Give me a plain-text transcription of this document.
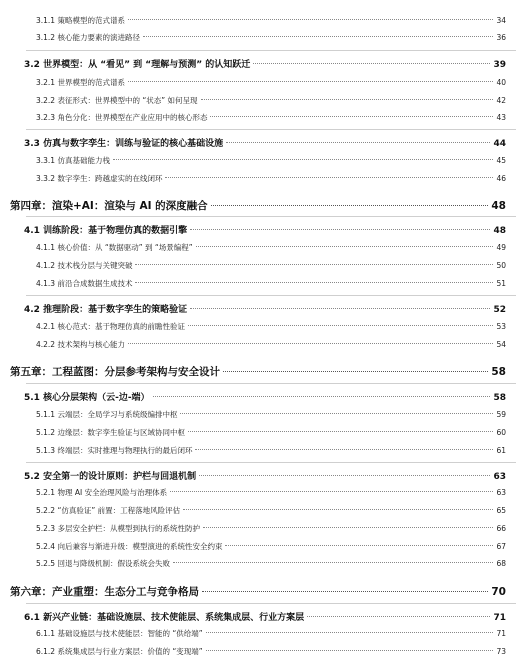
3.1.1 策略模型的范式谱系	34
3.1.2 核心能力要素的演进路径	36
3.2 世界模型：从 “看见” 到 “理解与预测” 的认知跃迁	39
3.2.1 世界模型的范式谱系	40
3.2.2 表征形式：世界模型中的 “状态” 如何呈现	42
3.2.3 角色分化：世界模型在产业应用中的核心形态	43
3.3 仿真与数字孪生：训练与验证的核心基础设施	44
3.3.1 仿真基础能力栈	45
3.3.2 数字孪生：跨越虚实的在线闭环	46
第四章：渲染+AI：渲染与 AI 的深度融合	48
4.1 训练阶段：基于物理仿真的数据引擎	48
4.1.1 核心价值：从 “数据驱动” 到 “场景编程”	49
4.1.2 技术栈分层与关键突破	50
4.1.3 前沿合成数据生成技术	51
4.2 推理阶段：基于数字孪生的策略验证	52
4.2.1 核心范式：基于物理仿真的前瞻性验证	53
4.2.2 技术架构与核心能力	54
第五章：工程蓝图：分层参考架构与安全设计	58
5.1 核心分层架构（云-边-端）	58
5.1.1 云端层：全局学习与系统级编排中枢	59
5.1.2 边缘层：数字孪生验证与区域协同中枢	60
5.1.3 终端层：实时推理与物理执行的最后闭环	61
5.2 安全第一的设计原则：护栏与回退机制	63
5.2.1 物理 AI 安全治理风险与治理体系	63
5.2.2 “仿真验证” 前置：工程落地风险评估	65
5.2.3 多层安全护栏：从模型到执行的系统性防护	66
5.2.4 向后兼容与渐进升级：模型演进的系统性安全约束	67
5.2.5 回退与降级机制：假设系统会失败	68
第六章：产业重塑：生态分工与竞争格局	70
6.1 新兴产业链：基础设施层、技术使能层、系统集成层、行业方案层	71
6.1.1 基础设施层与技术使能层：智能的 “供给端”	71
6.1.2 系统集成层与行业方案层：价值的 “变现端”	73
